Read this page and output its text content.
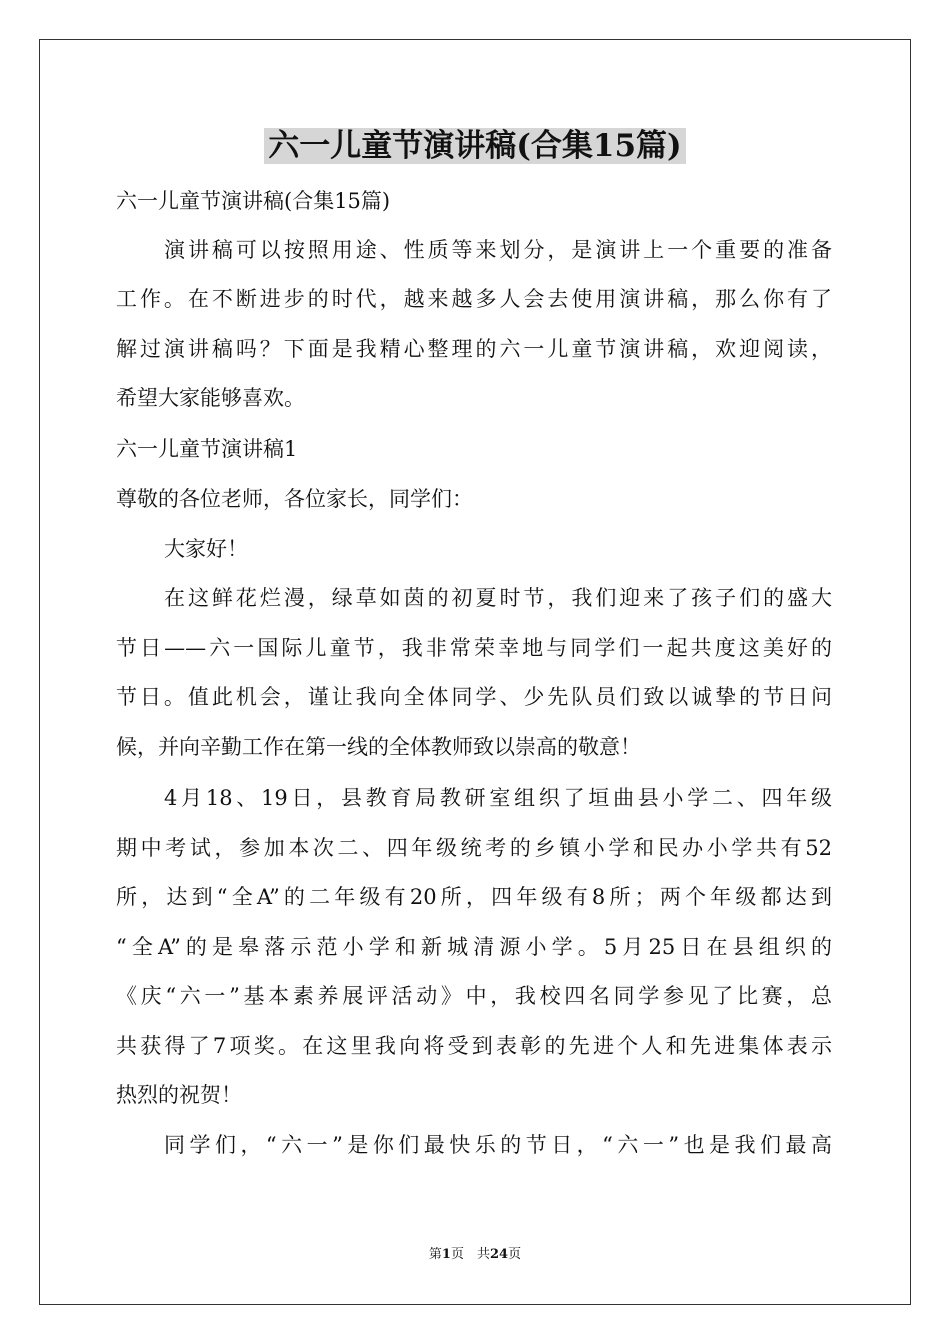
六一儿童节演讲稿(合集15篇)

六一儿童节演讲稿(合集15篇)

演讲稿可以按照用途、性质等来划分，是演讲上一个重要的准备

工作。在不断进步的时代，越来越多人会去使用演讲稿，那么你有了

解过演讲稿吗？下面是我精心整理的六一儿童节演讲稿，欢迎阅读，

希望大家能够喜欢。

六一儿童节演讲稿1

尊敬的各位老师，各位家长，同学们：

大家好！

在这鲜花烂漫，绿草如茵的初夏时节，我们迎来了孩子们的盛大

节日——六一国际儿童节，我非常荣幸地与同学们一起共度这美好的

节日。值此机会，谨让我向全体同学、少先队员们致以诚挚的节日问

候，并向辛勤工作在第一线的全体教师致以崇高的敬意！

4月18、19日，县教育局教研室组织了垣曲县小学二、四年级

期中考试，参加本次二、四年级统考的乡镇小学和民办小学共有52

所，达到“全A”的二年级有20所，四年级有8所；两个年级都达到

“全A”的是皋落示范小学和新城清源小学。5月25日在县组织的

《庆“六一”基本素养展评活动》中，我校四名同学参见了比赛，总

共获得了7项奖。在这里我向将受到表彰的先进个人和先进集体表示

热烈的祝贺！

同学们，“六一”是你们最快乐的节日，“六一”也是我们最高

第1页　共24页
